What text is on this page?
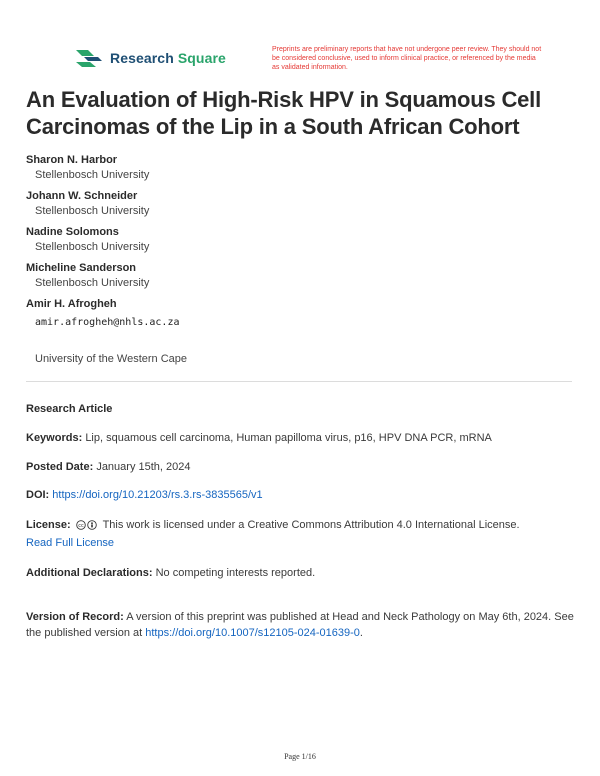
Research Square
Preprints are preliminary reports that have not undergone peer review. They should not be considered conclusive, used to inform clinical practice, or referenced by the media as validated information.
An Evaluation of High-Risk HPV in Squamous Cell Carcinomas of the Lip in a South African Cohort
Sharon N. Harbor
Stellenbosch University
Johann W. Schneider
Stellenbosch University
Nadine Solomons
Stellenbosch University
Micheline Sanderson
Stellenbosch University
Amir H. Afrogheh
amir.afrogheh@nhls.ac.za
University of the Western Cape
Research Article
Keywords: Lip, squamous cell carcinoma, Human papilloma virus, p16, HPV DNA PCR, mRNA
Posted Date: January 15th, 2024
DOI: https://doi.org/10.21203/rs.3.rs-3835565/v1
License: cc This work is licensed under a Creative Commons Attribution 4.0 International License.
Read Full License
Additional Declarations: No competing interests reported.
Version of Record: A version of this preprint was published at Head and Neck Pathology on May 6th, 2024. See the published version at https://doi.org/10.1007/s12105-024-01639-0.
Page 1/16
